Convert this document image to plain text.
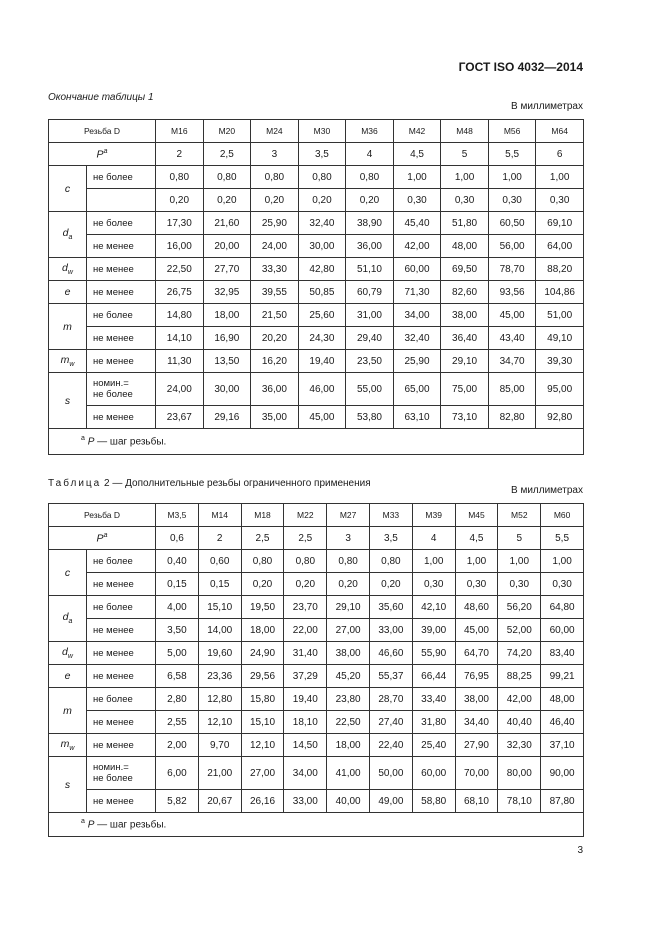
ГОСТ ISO 4032—2014
Окончание таблицы 1
В миллиметрах
Резьба D		M16	M20	M24	M30	M36	M42	M48	M56	M64
$P^a$		2	2,5	3	3,5	4	4,5	5	5,5	6
c	не более	0,80	0,80	0,80	0,80	0,80	1,00	1,00	1,00	1,00
		0,20	0,20	0,20	0,20	0,20	0,30	0,30	0,30	0,30
$d_a$	не более	17,30	21,60	25,90	32,40	38,90	45,40	51,80	60,50	69,10
	не менее	16,00	20,00	24,00	30,00	36,00	42,00	48,00	56,00	64,00
$d_w$	не менее	22,50	27,70	33,30	42,80	51,10	60,00	69,50	78,70	88,20
e	не менее	26,75	32,95	39,55	50,85	60,79	71,30	82,60	93,56	104,86
m	не более	14,80	18,00	21,50	25,60	31,00	34,00	38,00	45,00	51,00
	не менее	14,10	16,90	20,20	24,30	29,40	32,40	36,40	43,40	49,10
$m_w$	не менее	11,30	13,50	16,20	19,40	23,50	25,90	29,10	34,70	39,30
s	номин.=
не более	24,00	30,00	36,00	46,00	55,00	65,00	75,00	85,00	95,00
	не менее	23,67	29,16	35,00	45,00	53,80	63,10	73,10	82,80	92,80
$^a$ P — шаг резьбы.										
Таблица 2 — Дополнительные резьбы ограниченного применения
В миллиметрах
Резьба D		M3,5	M14	M18	M22	M27	M33	M39	M45	M52	M60
$P^a$		0,6	2	2,5	2,5	3	3,5	4	4,5	5	5,5
c	не более	0,40	0,60	0,80	0,80	0,80	0,80	1,00	1,00	1,00	1,00
	не менее	0,15	0,15	0,20	0,20	0,20	0,20	0,30	0,30	0,30	0,30
$d_a$	не более	4,00	15,10	19,50	23,70	29,10	35,60	42,10	48,60	56,20	64,80
	не менее	3,50	14,00	18,00	22,00	27,00	33,00	39,00	45,00	52,00	60,00
$d_w$	не менее	5,00	19,60	24,90	31,40	38,00	46,60	55,90	64,70	74,20	83,40
e	не менее	6,58	23,36	29,56	37,29	45,20	55,37	66,44	76,95	88,25	99,21
m	не более	2,80	12,80	15,80	19,40	23,80	28,70	33,40	38,00	42,00	48,00
	не менее	2,55	12,10	15,10	18,10	22,50	27,40	31,80	34,40	40,40	46,40
$m_w$	не менее	2,00	9,70	12,10	14,50	18,00	22,40	25,40	27,90	32,30	37,10
s	номин.=
не более	6,00	21,00	27,00	34,00	41,00	50,00	60,00	70,00	80,00	90,00
	не менее	5,82	20,67	26,16	33,00	40,00	49,00	58,80	68,10	78,10	87,80
$^a$ P — шаг резьбы.											
3
